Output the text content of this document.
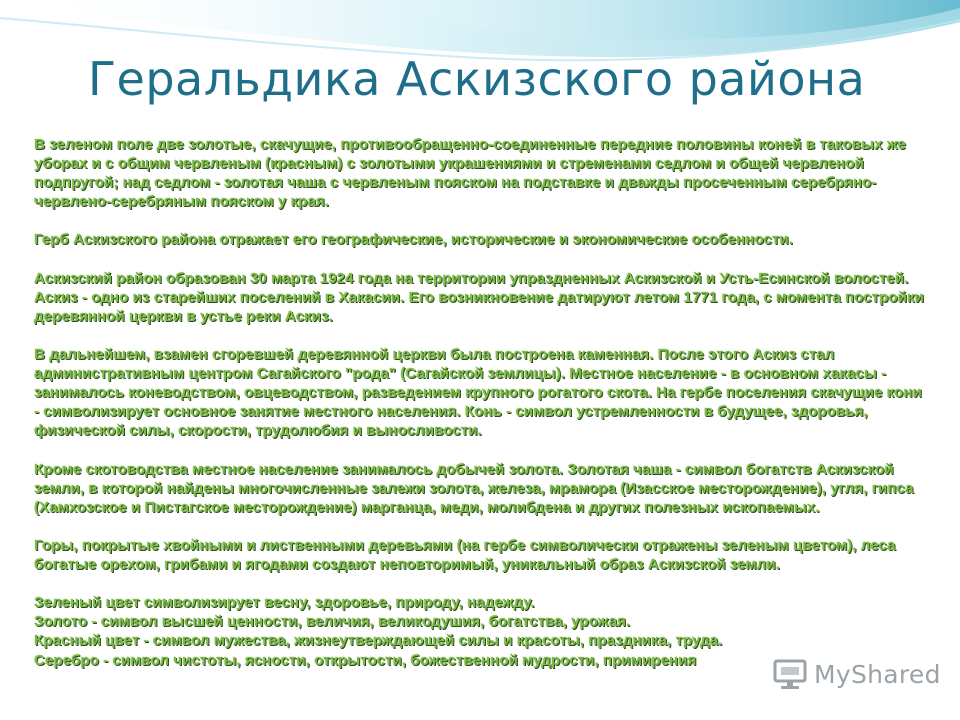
Геральдика Аскизского района

В зеленом поле две золотые, скачущие, противообращенно-соединенные передние половины коней в таковых же уборах и с общим червленым (красным) с золотыми украшениями и стременами седлом и общей червленой подпругой; над седлом - золотая чаша с червленым пояском на подставке и дважды просеченным серебряно-червлено-серебряным пояском у края.

Герб Аскизского района отражает его географические, исторические и экономические особенности.

Аскизский район образован 30 марта 1924 года на территории упраздненных Аскизской и Усть-Есинской волостей. Аскиз - одно из старейших поселений в Хакасии. Его возникновение датируют летом 1771 года, с момента постройки деревянной церкви в устье реки Аскиз.

В дальнейшем, взамен сгоревшей деревянной церкви была построена каменная. После этого Аскиз стал административным центром Сагайского "рода" (Сагайской землицы). Местное население - в основном хакасы - занималось коневодством, овцеводством, разведением крупного рогатого скота. На гербе поселения скачущие кони - символизирует основное занятие местного населения. Конь - символ устремленности в будущее, здоровья, физической силы, скорости, трудолюбия и выносливости.

Кроме скотоводства местное население занималось добычей золота. Золотая чаша - символ богатств Аскизской земли, в которой найдены многочисленные залежи золота, железа, мрамора (Изасское месторождение), угля, гипса (Хамхозское и Пистагское месторождение) марганца, меди, молибдена и других полезных ископаемых.

Горы, покрытые хвойными и лиственными деревьями (на гербе символически отражены зеленым цветом), леса богатые орехом, грибами и ягодами создают неповторимый, уникальный образ Аскизской земли.

Зеленый цвет символизирует весну, здоровье, природу, надежду.

Золото - символ высшей ценности, величия, великодушия, богатства, урожая.

Красный цвет - символ мужества, жизнеутверждающей силы и красоты, праздника, труда.

Серебро - символ чистоты, ясности, открытости, божественной мудрости, примирения	MyShared
